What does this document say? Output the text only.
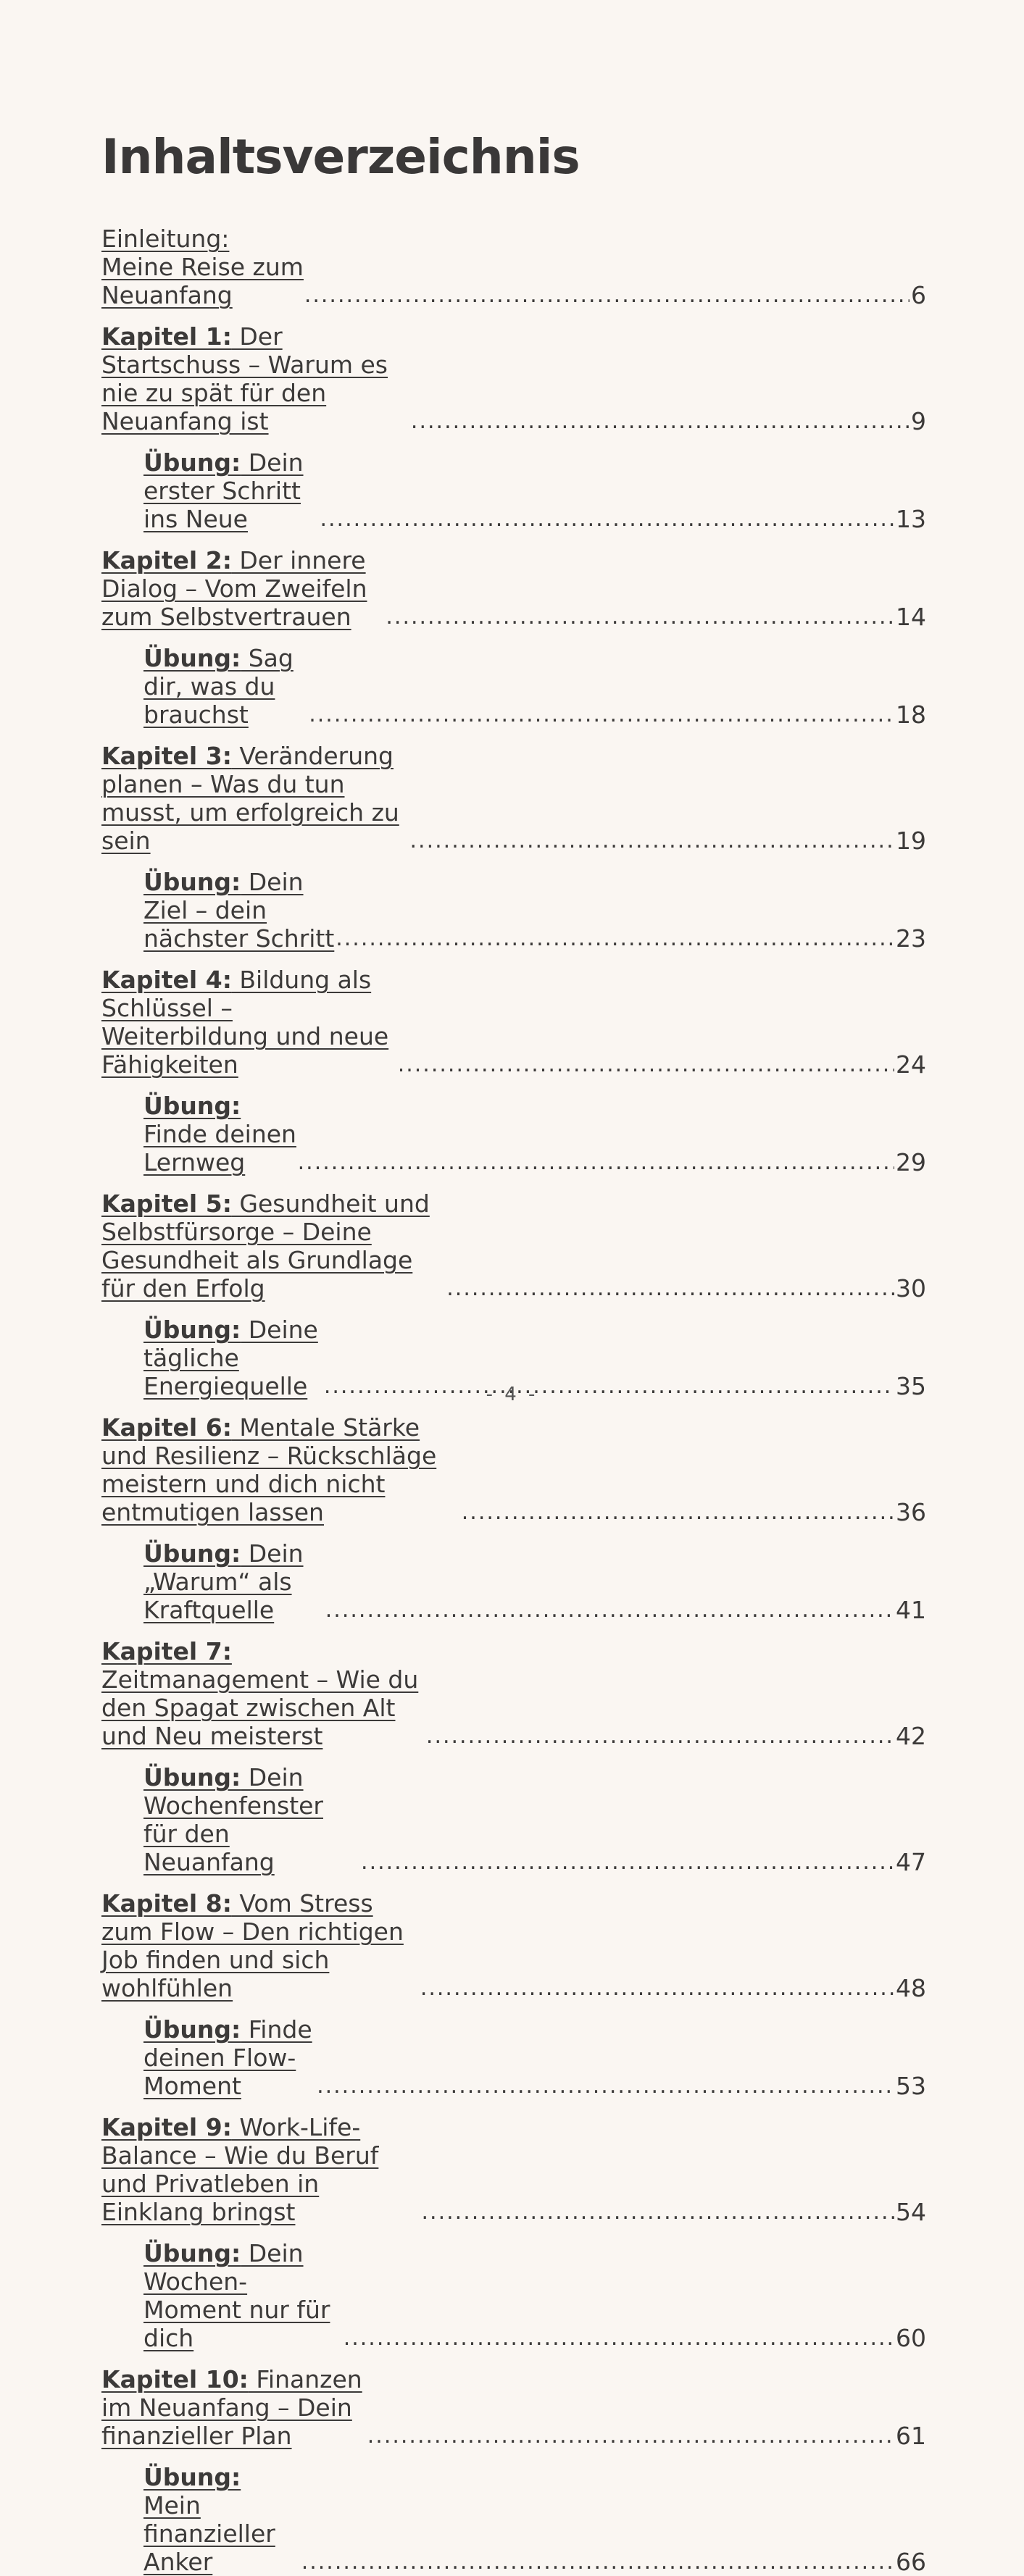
Inhaltsverzeichnis
Einleitung: Meine Reise zum Neuanfang .....	6
Kapitel 1: Der Startschuss – Warum es nie zu spät für den Neuanfang ist .....	9
Übung: Dein erster Schritt ins Neue .....	13
Kapitel 2: Der innere Dialog – Vom Zweifeln zum Selbstvertrauen .....	14
Übung: Sag dir, was du brauchst .....	18
Kapitel 3: Veränderung planen – Was du tun musst, um erfolgreich zu sein .....	19
Übung: Dein Ziel – dein nächster Schritt .....	23
Kapitel 4: Bildung als Schlüssel – Weiterbildung und neue Fähigkeiten .....	24
Übung: Finde deinen Lernweg .....	29
Kapitel 5: Gesundheit und Selbstfürsorge – Deine Gesundheit als Grundlage für den Erfolg .....	30
Übung: Deine tägliche Energiequelle .....	35
Kapitel 6: Mentale Stärke und Resilienz – Rückschläge meistern und dich nicht entmutigen lassen .....	36
Übung: Dein „Warum“ als Kraftquelle .....	41
Kapitel 7: Zeitmanagement – Wie du den Spagat zwischen Alt und Neu meisterst .....	42
Übung: Dein Wochenfenster für den Neuanfang .....	47
Kapitel 8: Vom Stress zum Flow – Den richtigen Job finden und sich wohlfühlen .....	48
Übung: Finde deinen Flow-Moment .....	53
Kapitel 9: Work-Life-Balance – Wie du Beruf und Privatleben in Einklang bringst .....	54
Übung: Dein Wochen-Moment nur für dich .....	60
Kapitel 10: Finanzen im Neuanfang – Dein finanzieller Plan .....	61
Übung: Mein finanzieller Anker .....	66
- 4 -
